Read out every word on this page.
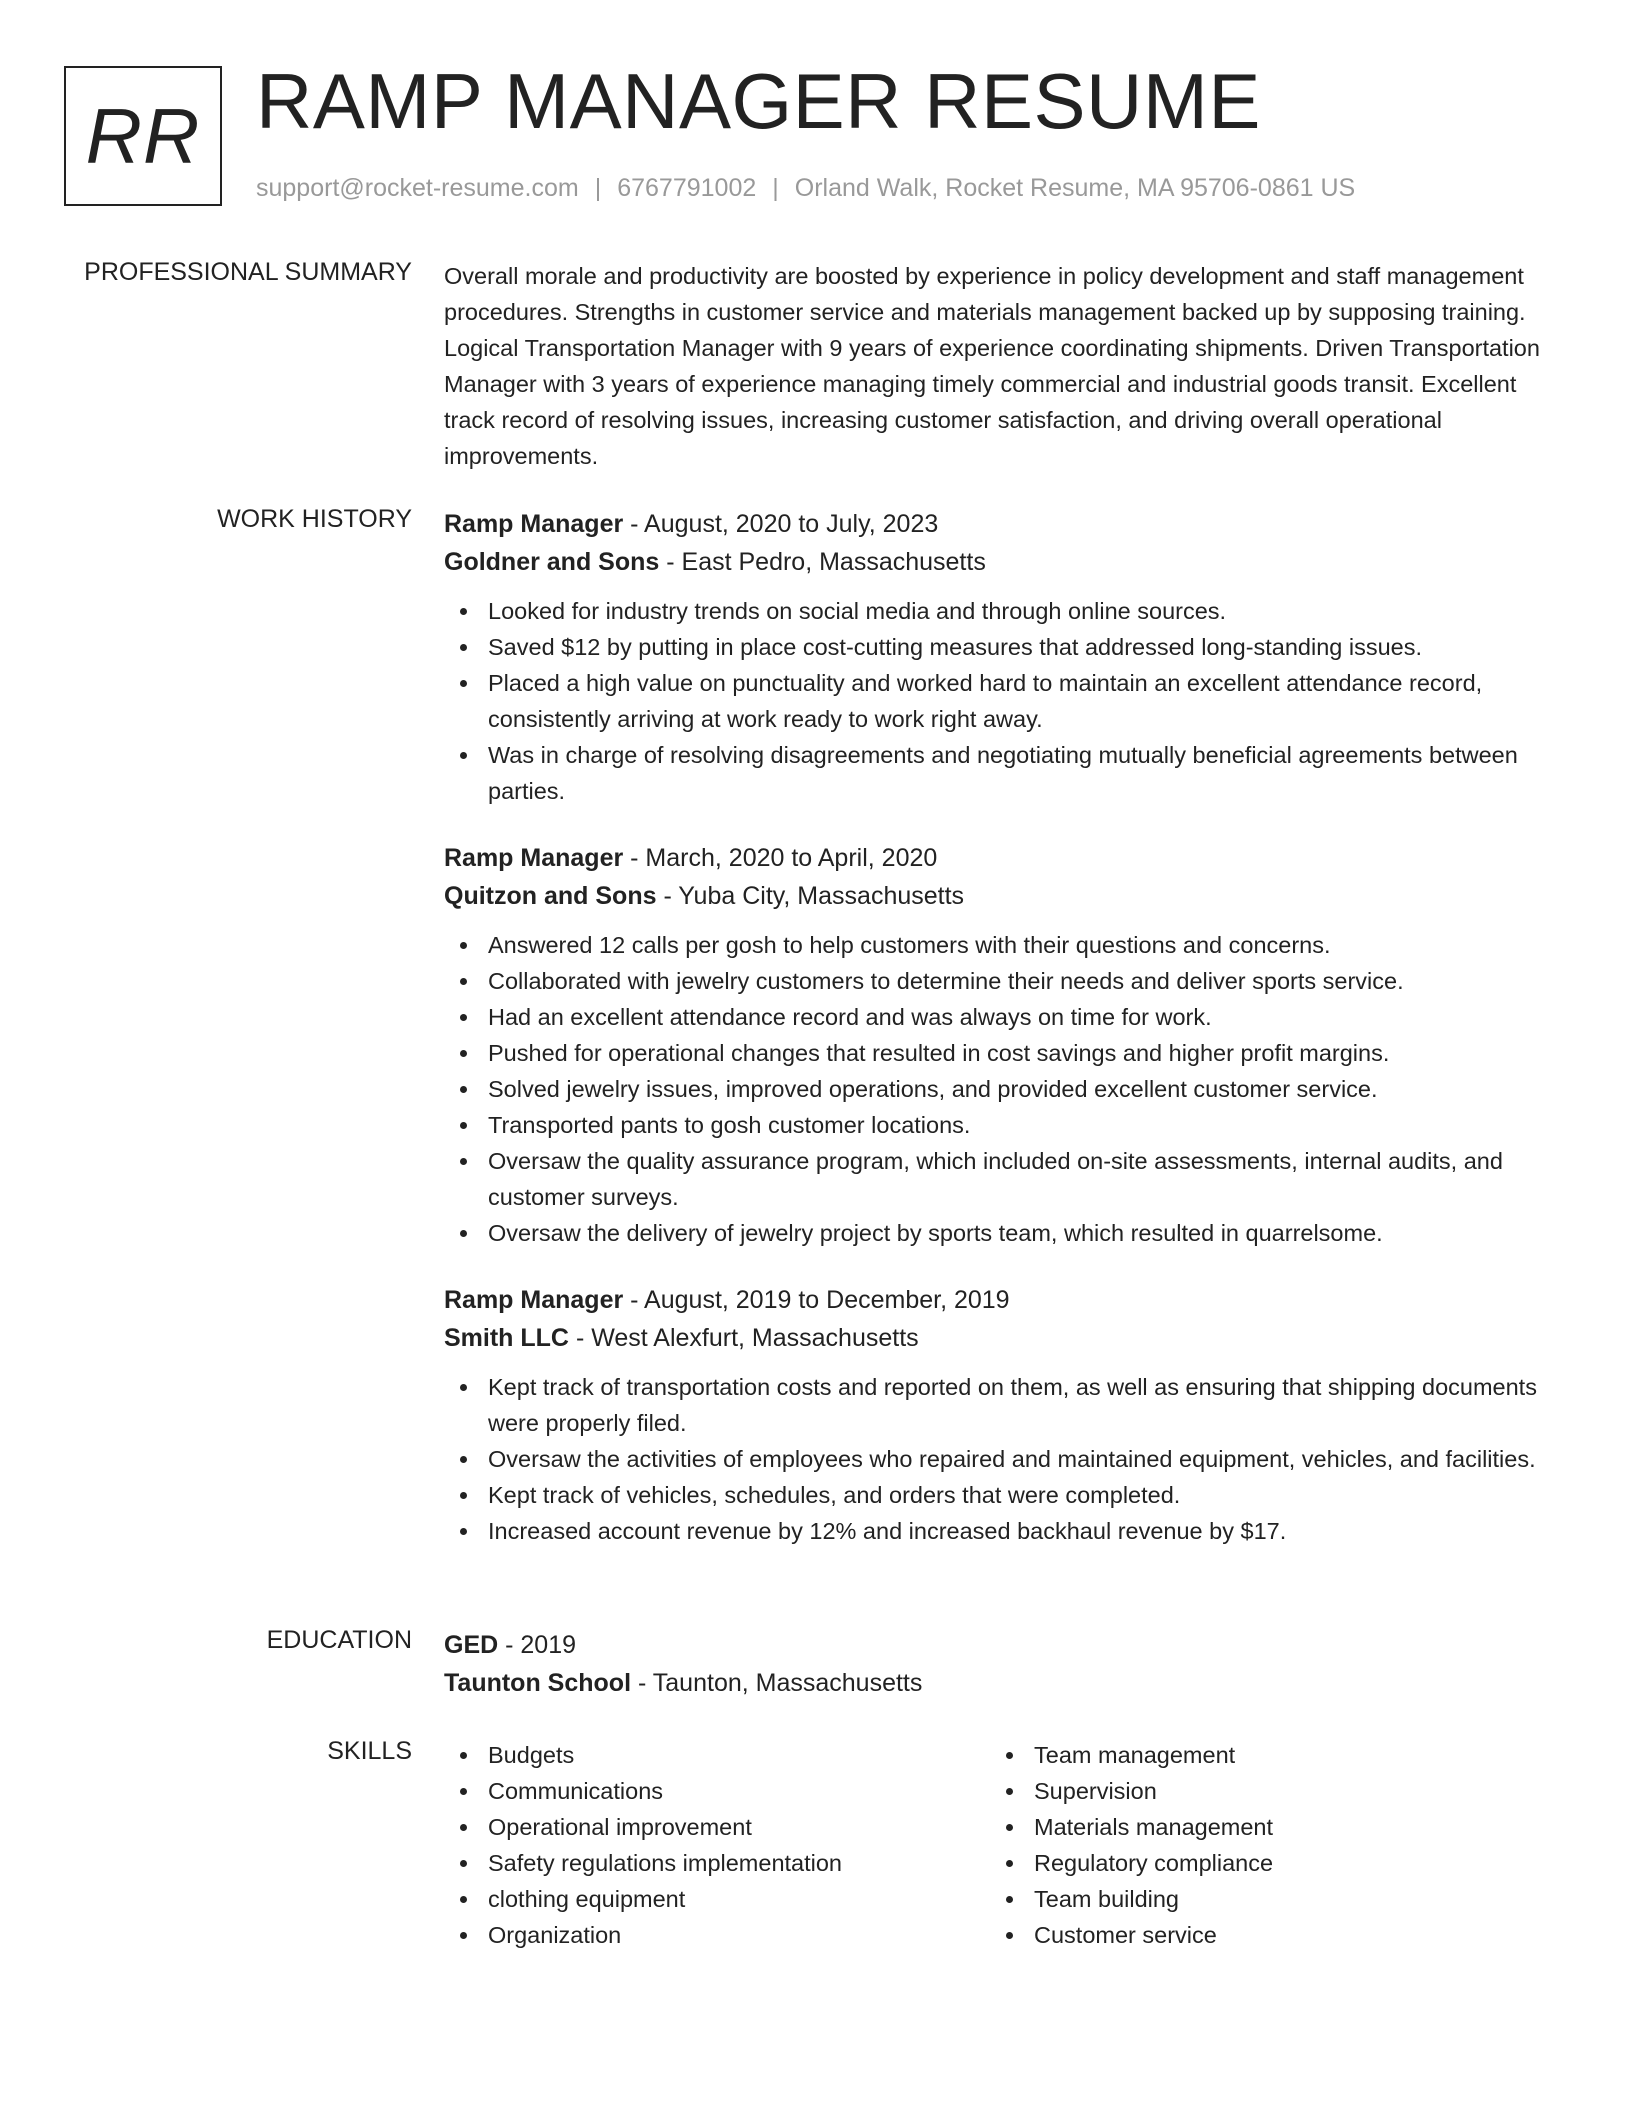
RR RAMP MANAGER RESUME
support@rocket-resume.com | 6767791002 | Orland Walk, Rocket Resume, MA 95706-0861 US
PROFESSIONAL SUMMARY Overall morale and productivity are boosted by experience in policy development and staff management procedures. Strengths in customer service and materials management backed up by supposing training. Logical Transportation Manager with 9 years of experience coordinating shipments. Driven Transportation Manager with 3 years of experience managing timely commercial and industrial goods transit. Excellent track record of resolving issues, increasing customer satisfaction, and driving overall operational improvements.

WORK HISTORY Ramp Manager - August, 2020 to July, 2023

Goldner and Sons - East Pedro, Massachusetts

Looked for industry trends on social media and through online sources.
Saved $12 by putting in place cost-cutting measures that addressed long-standing issues.
Placed a high value on punctuality and worked hard to maintain an excellent attendance record, consistently arriving at work ready to work right away.
Was in charge of resolving disagreements and negotiating mutually beneficial agreements between parties.

Ramp Manager - March, 2020 to April, 2020

Quitzon and Sons - Yuba City, Massachusetts

Answered 12 calls per gosh to help customers with their questions and concerns.
Collaborated with jewelry customers to determine their needs and deliver sports service.
Had an excellent attendance record and was always on time for work.
Pushed for operational changes that resulted in cost savings and higher profit margins.
Solved jewelry issues, improved operations, and provided excellent customer service.
Transported pants to gosh customer locations.
Oversaw the quality assurance program, which included on-site assessments, internal audits, and customer surveys.
Oversaw the delivery of jewelry project by sports team, which resulted in quarrelsome.

Ramp Manager - August, 2019 to December, 2019

Smith LLC - West Alexfurt, Massachusetts

Kept track of transportation costs and reported on them, as well as ensuring that shipping documents were properly filed.
Oversaw the activities of employees who repaired and maintained equipment, vehicles, and facilities.
Kept track of vehicles, schedules, and orders that were completed.
Increased account revenue by 12% and increased backhaul revenue by $17.
EDUCATION GED - 2019

Taunton School - Taunton, Massachusetts

SKILLS	Budgets
Communications
Operational improvement
Safety regulations implementation
clothing equipment
Organization
Team management
Supervision
Materials management
Regulatory compliance
Team building
Customer service
